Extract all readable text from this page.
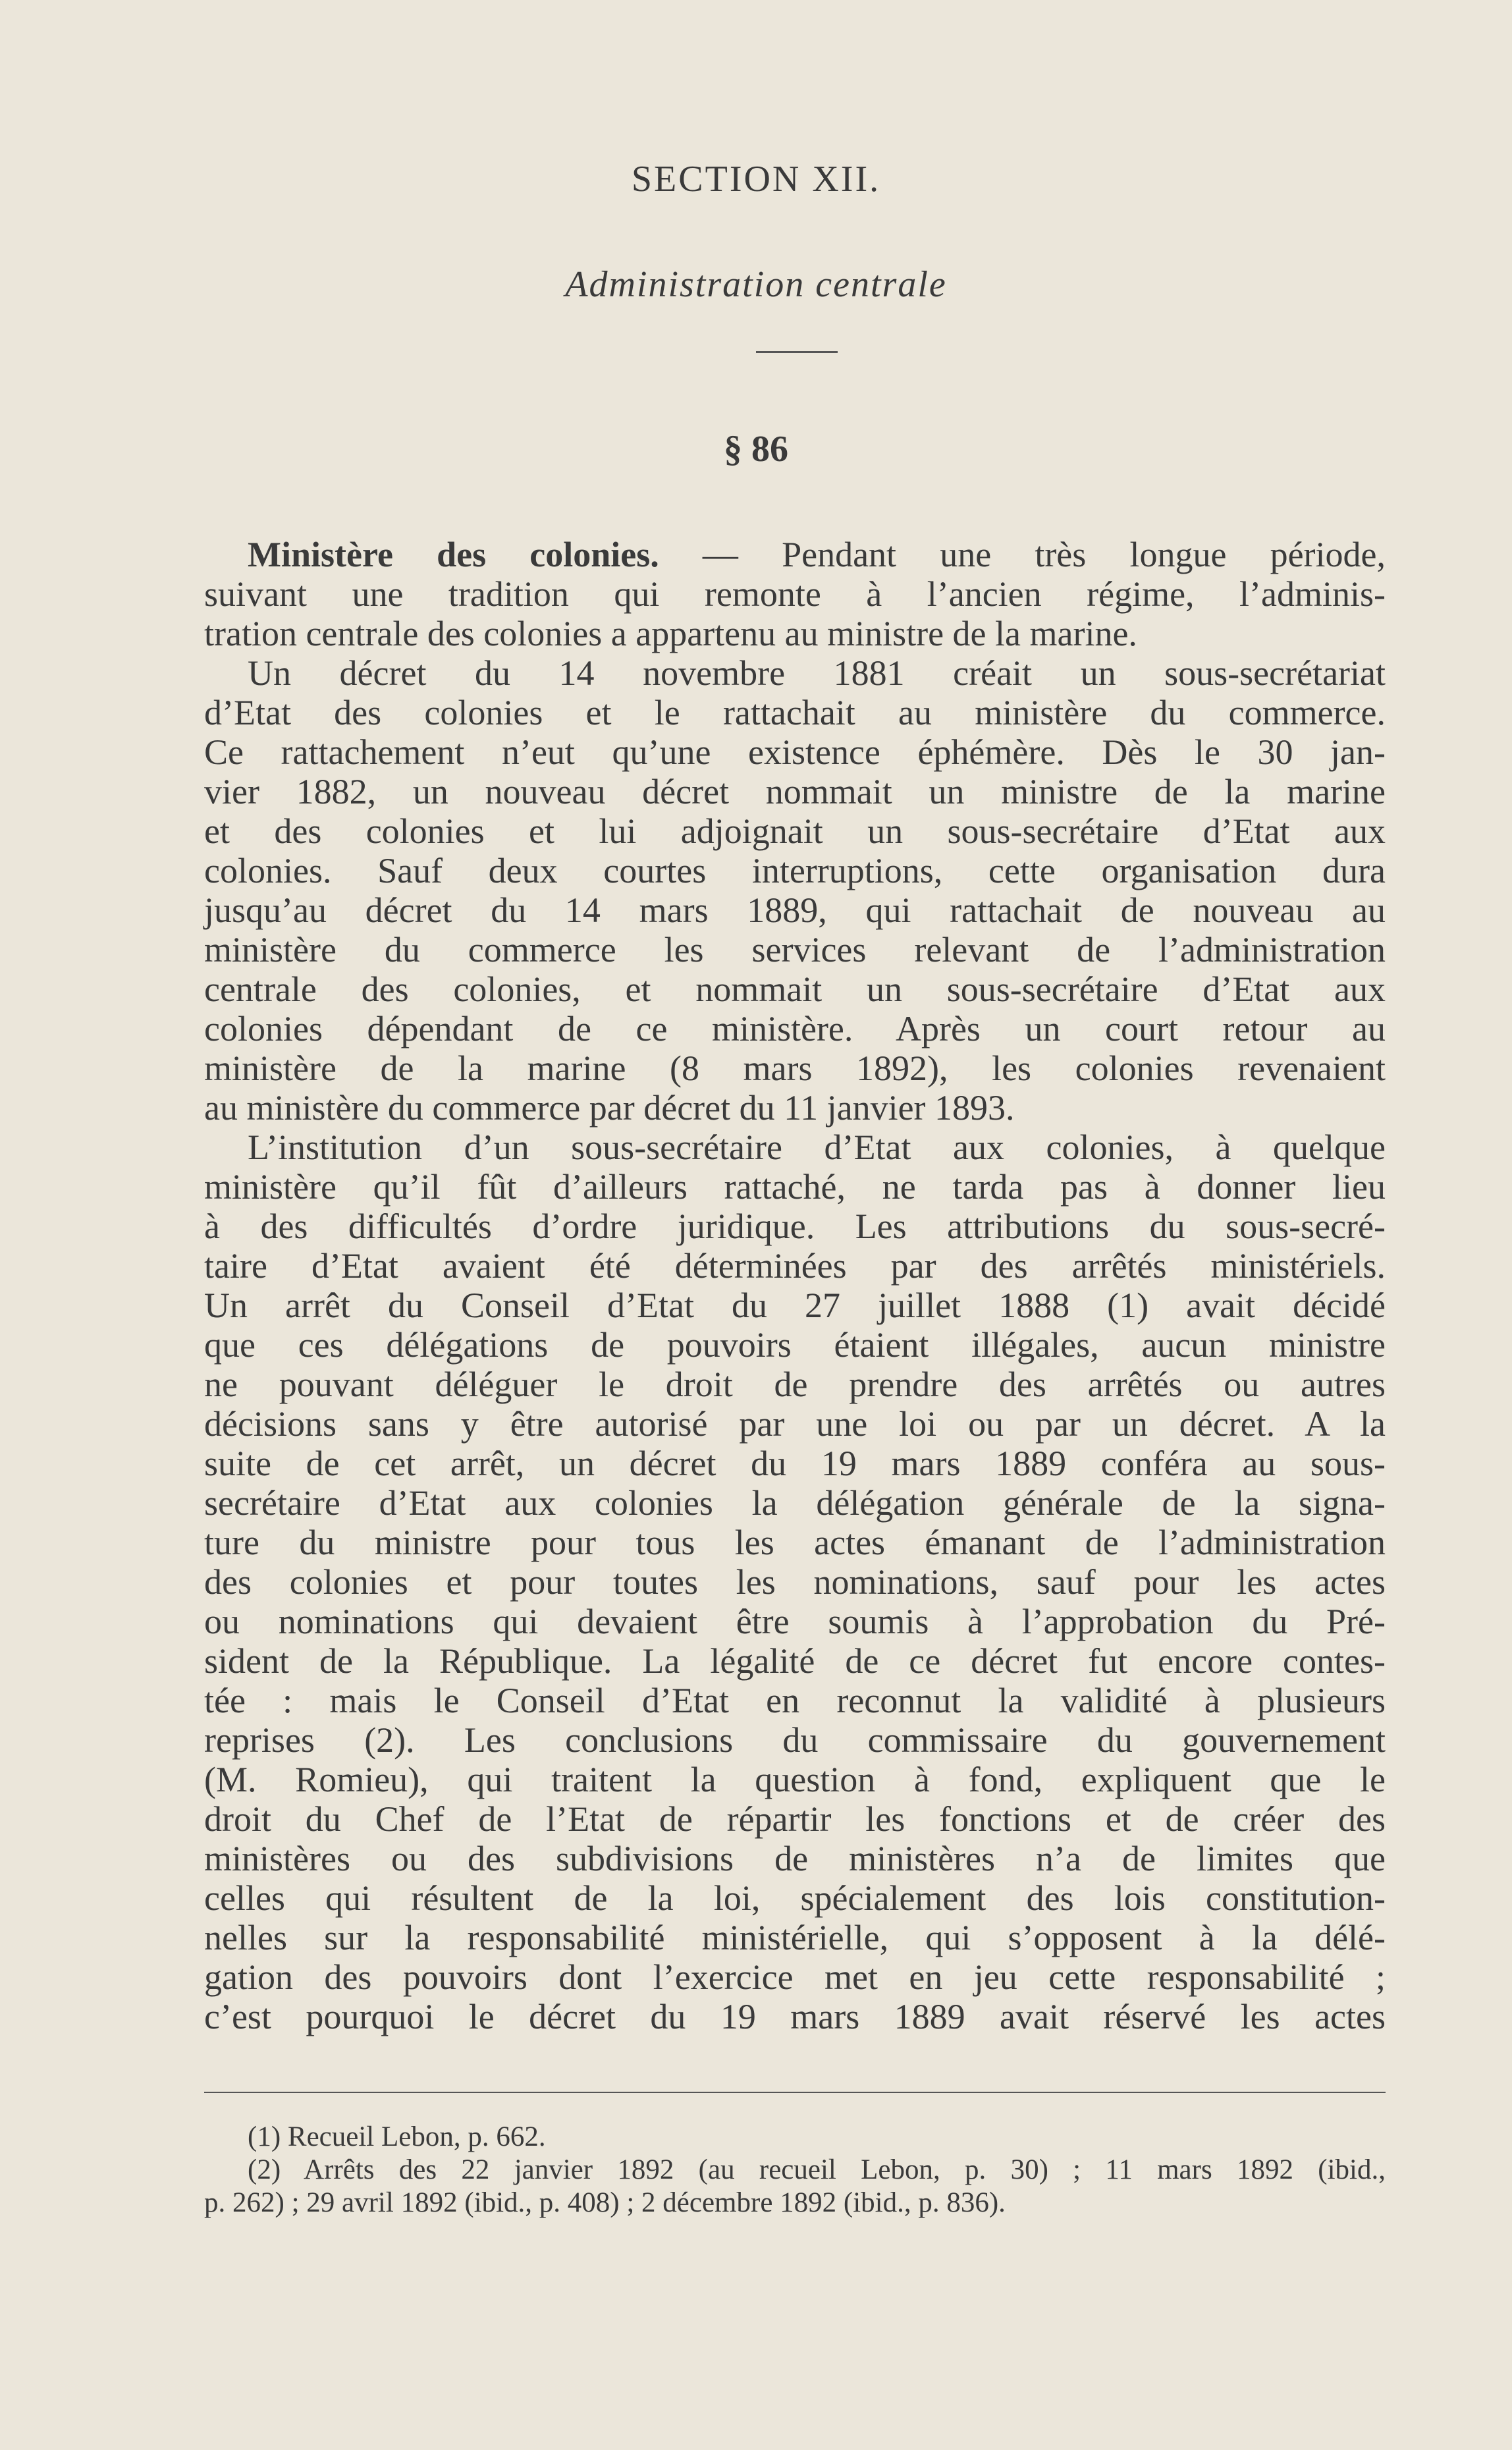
SECTION XII.
Administration centrale
§ 86
Ministère des colonies. — Pendant une très longue période,
suivant une tradition qui remonte à l’ancien régime, l’adminis-
tration centrale des colonies a appartenu au ministre de la marine.
Un décret du 14 novembre 1881 créait un sous-secrétariat
d’Etat des colonies et le rattachait au ministère du commerce.
Ce rattachement n’eut qu’une existence éphémère. Dès le 30 jan-
vier 1882, un nouveau décret nommait un ministre de la marine
et des colonies et lui adjoignait un sous-secrétaire d’Etat aux
colonies. Sauf deux courtes interruptions, cette organisation dura
jusqu’au décret du 14 mars 1889, qui rattachait de nouveau au
ministère du commerce les services relevant de l’administration
centrale des colonies, et nommait un sous-secrétaire d’Etat aux
colonies dépendant de ce ministère. Après un court retour au
ministère de la marine (8 mars 1892), les colonies revenaient
au ministère du commerce par décret du 11 janvier 1893.
L’institution d’un sous-secrétaire d’Etat aux colonies, à quelque
ministère qu’il fût d’ailleurs rattaché, ne tarda pas à donner lieu
à des difficultés d’ordre juridique. Les attributions du sous-secré-
taire d’Etat avaient été déterminées par des arrêtés ministériels.
Un arrêt du Conseil d’Etat du 27 juillet 1888 (1) avait décidé
que ces délégations de pouvoirs étaient illégales, aucun ministre
ne pouvant déléguer le droit de prendre des arrêtés ou autres
décisions sans y être autorisé par une loi ou par un décret. A la
suite de cet arrêt, un décret du 19 mars 1889 conféra au sous-
secrétaire d’Etat aux colonies la délégation générale de la signa-
ture du ministre pour tous les actes émanant de l’administration
des colonies et pour toutes les nominations, sauf pour les actes
ou nominations qui devaient être soumis à l’approbation du Pré-
sident de la République. La légalité de ce décret fut encore contes-
tée : mais le Conseil d’Etat en reconnut la validité à plusieurs
reprises (2). Les conclusions du commissaire du gouvernement
(M. Romieu), qui traitent la question à fond, expliquent que le
droit du Chef de l’Etat de répartir les fonctions et de créer des
ministères ou des subdivisions de ministères n’a de limites que
celles qui résultent de la loi, spécialement des lois constitution-
nelles sur la responsabilité ministérielle, qui s’opposent à la délé-
gation des pouvoirs dont l’exercice met en jeu cette responsabilité ;
c’est pourquoi le décret du 19 mars 1889 avait réservé les actes
(1) Recueil Lebon, p. 662.
(2) Arrêts des 22 janvier 1892 (au recueil Lebon, p. 30) ; 11 mars 1892 (ibid.,
p. 262) ; 29 avril 1892 (ibid., p. 408) ; 2 décembre 1892 (ibid., p. 836).
